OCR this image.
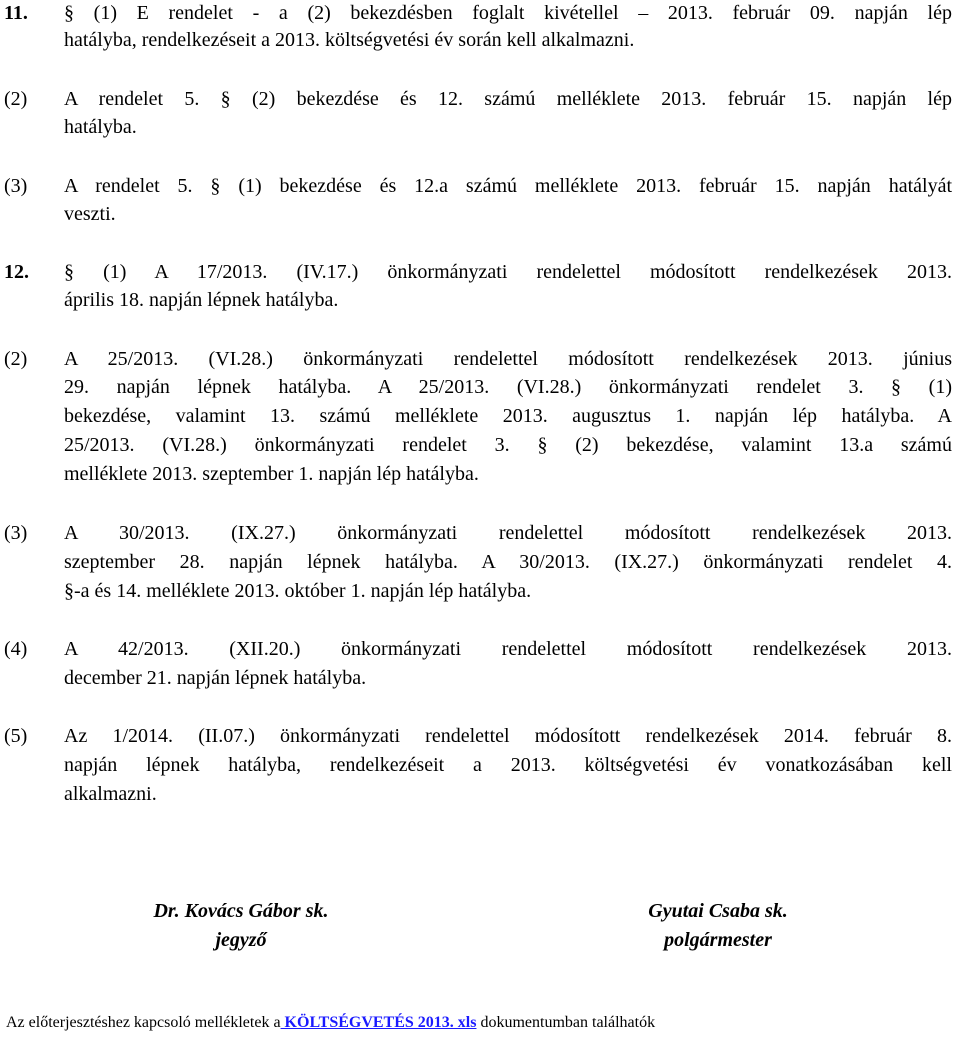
11. § (1) E rendelet - a (2) bekezdésben foglalt kivétellel – 2013. február 09. napján lép
hatályba, rendelkezéseit a 2013. költségvetési év során kell alkalmazni.
(2) A rendelet 5. § (2) bekezdése és 12. számú melléklete 2013. február 15. napján lép
hatályba.
(3) A rendelet 5. § (1) bekezdése és 12.a számú melléklete 2013. február 15. napján hatályát
veszti.
12. § (1) A 17/2013. (IV.17.) önkormányzati rendelettel módosított rendelkezések 2013.
április 18. napján lépnek hatályba.
(2) A 25/2013. (VI.28.) önkormányzati rendelettel módosított rendelkezések 2013. június
29. napján lépnek hatályba. A 25/2013. (VI.28.) önkormányzati rendelet 3. § (1)
bekezdése, valamint 13. számú melléklete 2013. augusztus 1. napján lép hatályba. A
25/2013. (VI.28.) önkormányzati rendelet 3. § (2) bekezdése, valamint 13.a számú
melléklete 2013. szeptember 1. napján lép hatályba.
(3) A 30/2013. (IX.27.) önkormányzati rendelettel módosított rendelkezések 2013.
szeptember 28. napján lépnek hatályba. A 30/2013. (IX.27.) önkormányzati rendelet 4.
§-a és 14. melléklete 2013. október 1. napján lép hatályba.
(4) A 42/2013. (XII.20.) önkormányzati rendelettel módosított rendelkezések 2013.
december 21. napján lépnek hatályba.
(5) Az 1/2014. (II.07.) önkormányzati rendelettel módosított rendelkezések 2014. február 8.
napján lépnek hatályba, rendelkezéseit a 2013. költségvetési év vonatkozásában kell
alkalmazni.
Dr. Kovács Gábor sk.
jegyző
Gyutai Csaba sk.
polgármester
Az előterjesztéshez kapcsoló mellékletek a KÖLTSÉGVETÉS 2013. xls dokumentumban találhatók
